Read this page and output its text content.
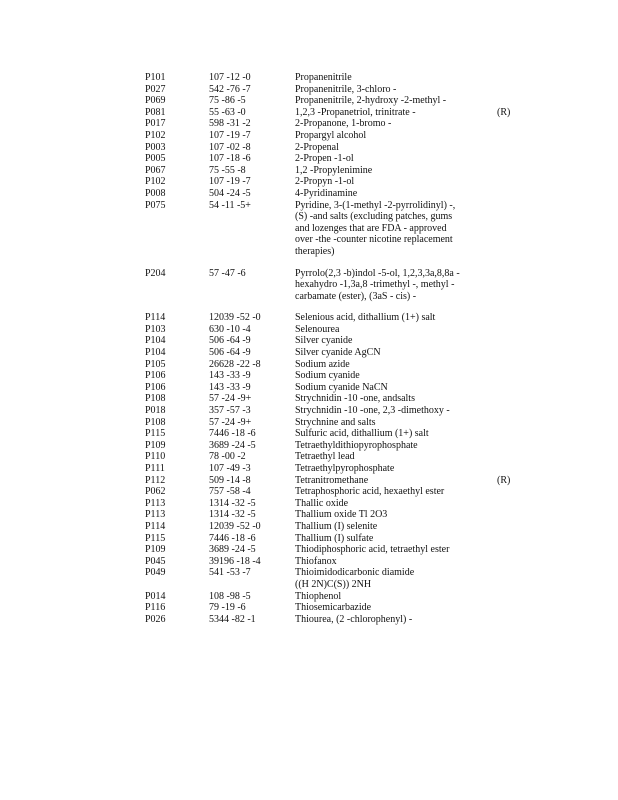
P101	107 -12 -0	Propanenitrile
P027	542 -76 -7	Propanenitrile, 3-chloro -
P069	75 -86 -5	Propanenitrile, 2-hydroxy -2-methyl -
P081	55 -63 -0	1,2,3 -Propanetriol, trinitrate -	(R)
P017	598 -31 -2	2-Propanone, 1-bromo -
P102	107 -19 -7	Propargyl alcohol
P003	107 -02 -8	2-Propenal
P005	107 -18 -6	2-Propen -1-ol
P067	75 -55 -8	1,2 -Propylenimine
P102	107 -19 -7	2-Propyn -1-ol
P008	504 -24 -5	4-Pyridinamine
P075	54 -11 -5+	Pyridine, 3-(1-methyl -2-pyrrolidinyl) -,
(S) -and salts (excluding patches, gums
and lozenges that are FDA - approved
over -the -counter nicotine replacement
therapies)
P204	57 -47 -6	Pyrrolo(2,3 -b)indol -5-ol, 1,2,3,3a,8,8a -
hexahydro -1,3a,8 -trimethyl -, methyl -
carbamate (ester), (3aS - cis) -
P114	12039 -52 -0	Selenious acid, dithallium (1+) salt
P103	630 -10 -4	Selenourea
P104	506 -64 -9	Silver cyanide
P104	506 -64 -9	Silver cyanide AgCN
P105	26628 -22 -8	Sodium azide
P106	143 -33 -9	Sodium cyanide
P106	143 -33 -9	Sodium cyanide NaCN
P108	57 -24 -9+	Strychnidin -10 -one, andsalts
P018	357 -57 -3	Strychnidin -10 -one, 2,3 -dimethoxy -
P108	57 -24 -9+	Strychnine and salts
P115	7446 -18 -6	Sulfuric acid, dithallium (1+) salt
P109	3689 -24 -5	Tetraethyldithiopyrophosphate
P110	78 -00 -2	Tetraethyl lead
P111	107 -49 -3	Tetraethylpyrophosphate
P112	509 -14 -8	Tetranitromethane	(R)
P062	757 -58 -4	Tetraphosphoric acid, hexaethyl ester
P113	1314 -32 -5	Thallic oxide
P113	1314 -32 -5	Thallium oxide Tl 2O3
P114	12039 -52 -0	Thallium (I) selenite
P115	7446 -18 -6	Thallium (I) sulfate
P109	3689 -24 -5	Thiodiphosphoric acid, tetraethyl ester
P045	39196 -18 -4	Thiofanox
P049	541 -53 -7	Thioimidodicarbonic diamide
((H 2N)C(S)) 2NH
P014	108 -98 -5	Thiophenol
P116	79 -19 -6	Thiosemicarbazide
P026	5344 -82 -1	Thiourea, (2 -chlorophenyl) -
